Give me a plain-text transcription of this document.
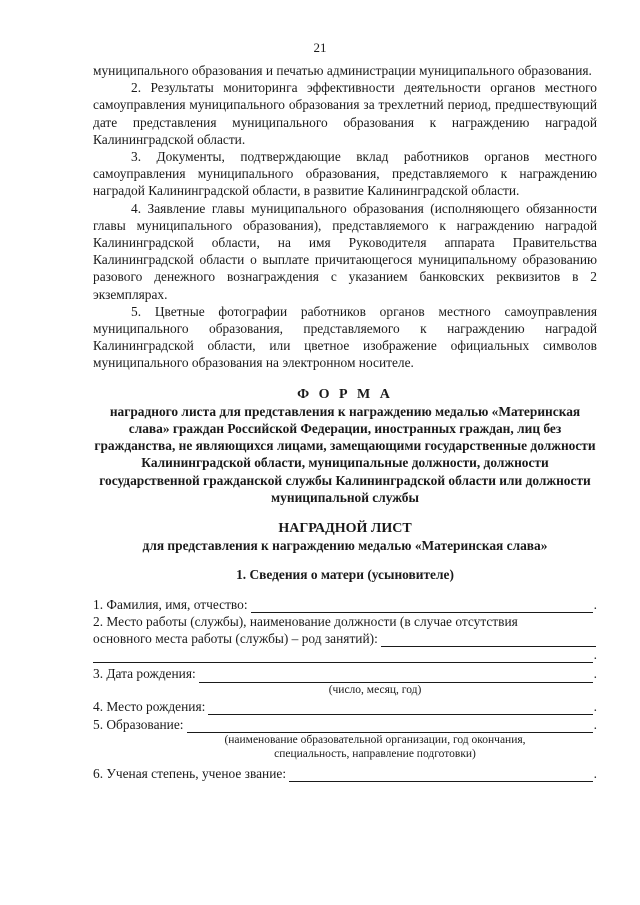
21

муниципального образования и печатью администрации муниципального образования.

2. Результаты мониторинга эффективности деятельности органов местного самоуправления муниципального образования за трехлетний период, предшествующий дате представления муниципального образования к награждению наградой Калининградской области.

3. Документы, подтверждающие вклад работников органов местного самоуправления муниципального образования, представляемого к награждению наградой Калининградской области, в развитие Калининградской области.

4. Заявление главы муниципального образования (исполняющего обязанности главы муниципального образования), представляемого к награждению наградой Калининградской области, на имя Руководителя аппарата Правительства Калининградской области о выплате причитающегося муниципальному образованию разового денежного вознаграждения с указанием банковских реквизитов в 2 экземплярах.

5. Цветные фотографии работников органов местного самоуправления муниципального образования, представляемого к награждению наградой Калининградской области, или цветное изображение официальных символов муниципального образования на электронном носителе.

Ф О Р М А

наградного листа для представления к награждению медалью «Материнская слава» граждан Российской Федерации, иностранных граждан, лиц без гражданства, не являющихся лицами, замещающими государственные должности Калининградской области, муниципальные должности, должности государственной гражданской службы Калининградской области или должности муниципальной службы

НАГРАДНОЙ ЛИСТ

для представления к награждению медалью «Материнская слава»

1. Сведения о матери (усыновителе)

1. Фамилия, имя, отчество:	.

2. Место работы (службы), наименование должности (в случае отсутствия

основного места работы (службы) – род занятий):
.
3. Дата рождения:	.
(число, месяц, год)
4. Место рождения:	.
5. Образование:	.
(наименование образовательной организации, год окончания,
специальность, направление подготовки)
6. Ученая степень, ученое звание:	.
